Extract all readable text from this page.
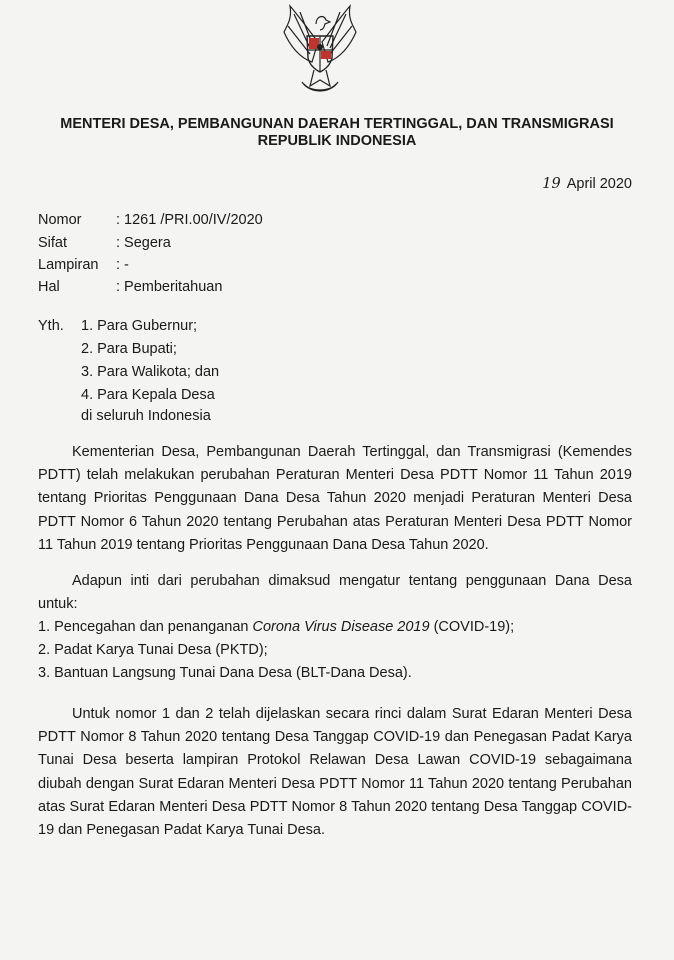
MENTERI DESA, PEMBANGUNAN DAERAH TERTINGGAL, DAN TRANSMIGRASI
REPUBLIK INDONESIA
19 April 2020
Nomor : 1261 /PRI.00/IV/2020
Sifat	: Segera
Lampiran : -
Hal	: Pemberitahuan
Yth. 1. Para Gubernur;
2. Para Bupati;
3. Para Walikota; dan
4. Para Kepala Desa
di seluruh Indonesia
Kementerian Desa, Pembangunan Daerah Tertinggal, dan Transmigrasi (Kemendes PDTT) telah melakukan perubahan Peraturan Menteri Desa PDTT Nomor 11 Tahun 2019 tentang Prioritas Penggunaan Dana Desa Tahun 2020 menjadi Peraturan Menteri Desa PDTT Nomor 6 Tahun 2020 tentang Perubahan atas Peraturan Menteri Desa PDTT Nomor 11 Tahun 2019 tentang Prioritas Penggunaan Dana Desa Tahun 2020.
Adapun inti dari perubahan dimaksud mengatur tentang penggunaan Dana Desa untuk:
1. Pencegahan dan penanganan Corona Virus Disease 2019 (COVID-19);
2. Padat Karya Tunai Desa (PKTD);
3. Bantuan Langsung Tunai Dana Desa (BLT-Dana Desa).
Untuk nomor 1 dan 2 telah dijelaskan secara rinci dalam Surat Edaran Menteri Desa PDTT Nomor 8 Tahun 2020 tentang Desa Tanggap COVID-19 dan Penegasan Padat Karya Tunai Desa beserta lampiran Protokol Relawan Desa Lawan COVID-19 sebagaimana diubah dengan Surat Edaran Menteri Desa PDTT Nomor 11 Tahun 2020 tentang Perubahan atas Surat Edaran Menteri Desa PDTT Nomor 8 Tahun 2020 tentang Desa Tanggap COVID-19 dan Penegasan Padat Karya Tunai Desa.
